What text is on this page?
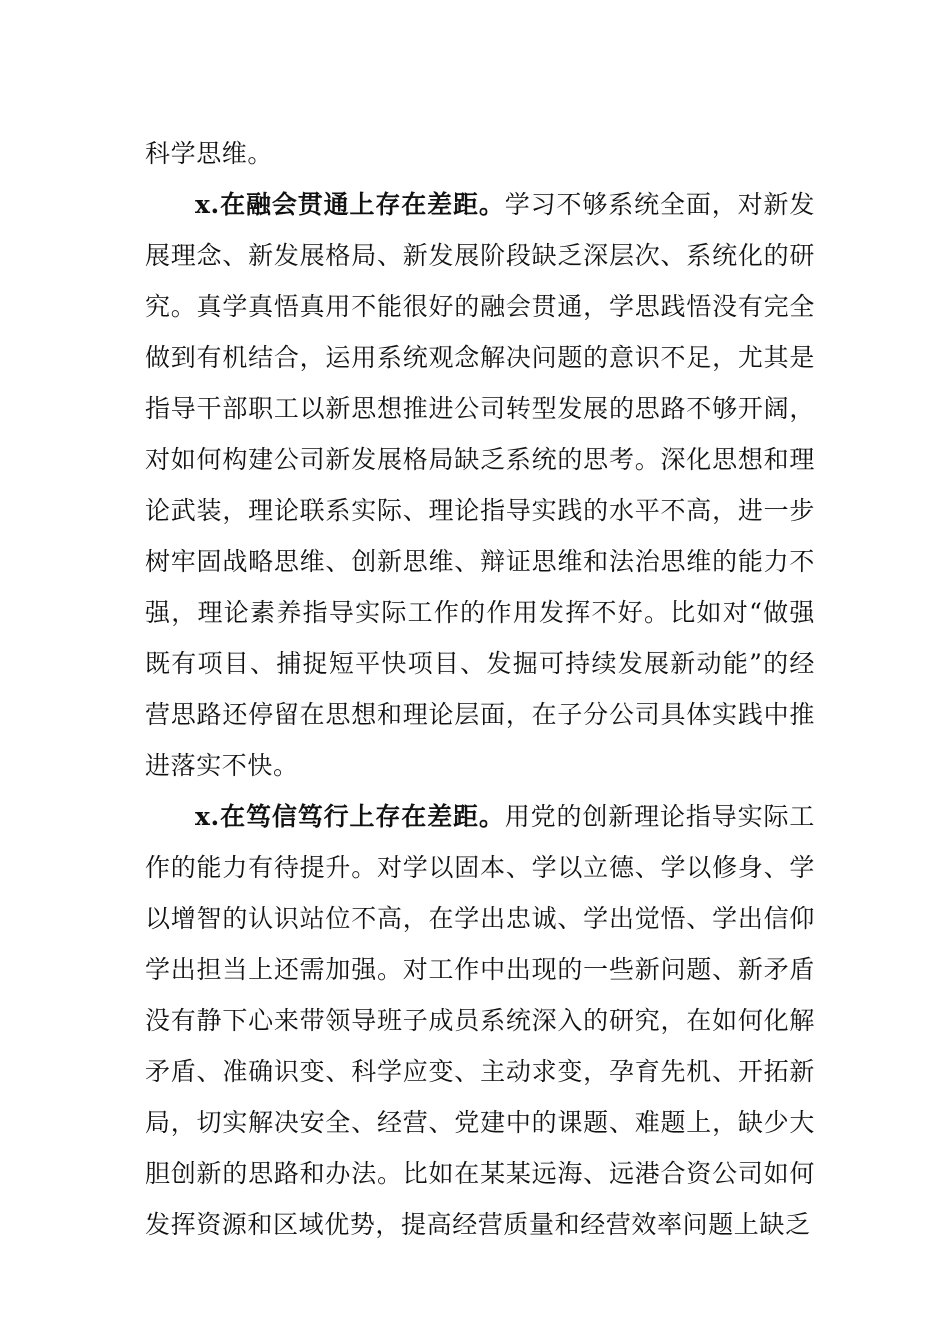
科学思维。

x.在融会贯通上存在差距。学习不够系统全面，对新发展理念、新发展格局、新发展阶段缺乏深层次、系统化的研究。真学真悟真用不能很好的融会贯通，学思践悟没有完全做到有机结合，运用系统观念解决问题的意识不足，尤其是指导干部职工以新思想推进公司转型发展的思路不够开阔，对如何构建公司新发展格局缺乏系统的思考。深化思想和理论武装，理论联系实际、理论指导实践的水平不高，进一步树牢固战略思维、创新思维、辩证思维和法治思维的能力不强，理论素养指导实际工作的作用发挥不好。比如对“做强既有项目、捕捉短平快项目、发掘可持续发展新动能”的经营思路还停留在思想和理论层面，在子分公司具体实践中推进落实不快。

x.在笃信笃行上存在差距。用党的创新理论指导实际工作的能力有待提升。对学以固本、学以立德、学以修身、学以增智的认识站位不高，在学出忠诚、学出觉悟、学出信仰学出担当上还需加强。对工作中出现的一些新问题、新矛盾没有静下心来带领导班子成员系统深入的研究，在如何化解矛盾、准确识变、科学应变、主动求变，孕育先机、开拓新局，切实解决安全、经营、党建中的课题、难题上，缺少大胆创新的思路和办法。比如在某某远海、远港合资公司如何发挥资源和区域优势，提高经营质量和经营效率问题上缺乏
